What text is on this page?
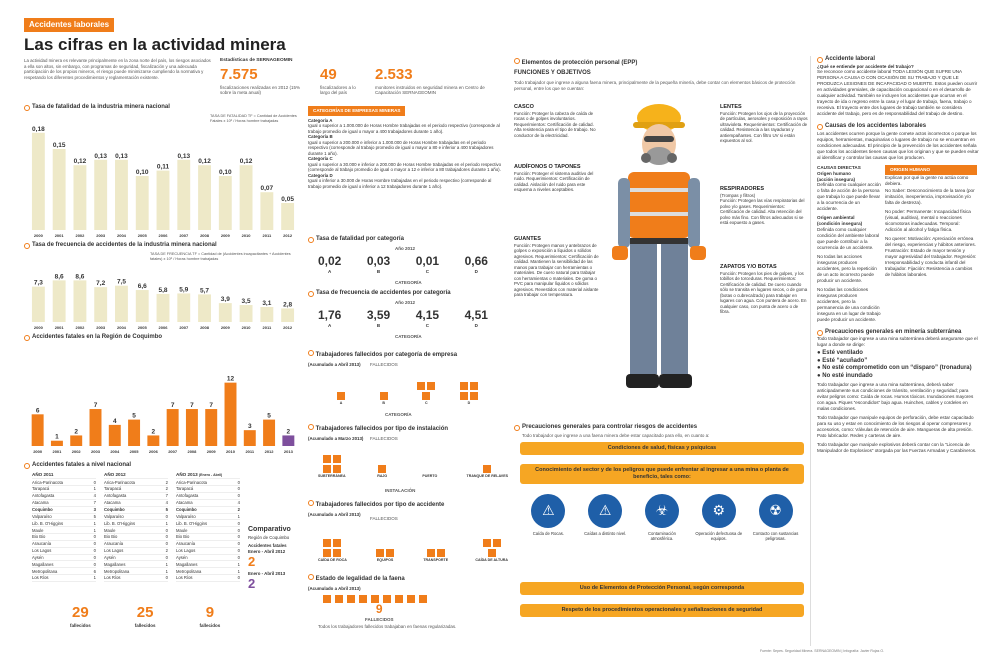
Accidentes laborales
Las cifras en la actividad minera
La actividad minera es relevante principalmente en la zona norte del país, los riesgos asociados a ella son altos, sin embargo, con programas de seguridad, fiscalización y una adecuada participación de los propios mineros, el riesgo puede minimizarse cumpliendo la normativa y respetando los diferentes procedimientos y reglamentación existente.
Estadísticas de SERNAGEOMIN
7.575
fiscalizaciones realizadas en 2012 (15% sobre la meta anual)
49
fiscalizadores a lo largo del país
2.533
monitores instruidos en seguridad minera en Centro de Capacitación SERNAGEOMIN
Tasa de fatalidad de la industria minera nacional
TASA DE FATALIDAD TF = Cantidad de Accidentes Fatales x 10⁶ / Horas hombre trabajadas
0,18
2000
0,15
2001
0,12
2002
0,13
2003
0,13
2004
0,10
2005
0,11
2006
0,13
2007
0,12
2008
0,10
2009
0,12
2010
0,07
2011
0,05
2012
Tasa de frecuencia de accidentes de la industria minera nacional
TASA DE FRECUENCIA TF = Cantidad de (Accidentes incapacitantes + Accidentes fatales) x 10⁶ / Horas hombre trabajadas
7,3
2000
8,6
2001
8,6
2002
7,2
2003
7,5
2004
6,6
2005
5,8
2006
5,9
2007
5,7
2008
3,9
2009
3,5
2010
3,1
2011
2,8
2012
Accidentes fatales en la Región de Coquimbo
6
2000
1
2001
2
2002
7
2003
4
2004
5
2005
2
2006
7
2007
7
2008
7
2009
12
2010
3
2011
5
2012
2
2013
Accidentes fatales a nivel nacional
AÑO 2011
Arica-Parinacota	0
Tarapacá	1
Antofagasta	4
Atacama	7
Coquimbo	3
Valparaíso	5
Lib. B. O'Higgins	1
Maule	1
Bio Bio	0
Araucanía	0
Los Lagos	0
Aysén	0
Magallanes	0
Metropolitana	6
Los Ríos	1
AÑO 2012
Arica-Parinacota	2
Tarapacá	2
Antofagasta	7
Atacama	4
Coquimbo	5
Valparaíso	0
Lib. B. O'Higgins	1
Maule	0
Bio Bio	0
Araucanía	0
Los Lagos	2
Aysén	0
Magallanes	1
Metropolitana	1
Los Ríos	0
AÑO 2013 (Enero - Abril)
Arica-Parinacota	0
Tarapacá	0
Antofagasta	0
Atacama	4
Coquimbo	2
Valparaíso	1
Lib. B. O'Higgins	0
Maule	0
Bio Bio	0
Araucanía	0
Los Lagos	0
Aysén	0
Magallanes	1
Metropolitana	1
Los Ríos	0
29
fallecidos
25
fallecidos
9
fallecidos
Comparativo
Región de Coquimbo
Accidentes fatales
Enero - Abril 2012
2
Enero - Abril 2013
2
CATEGORÍAS DE EMPRESAS MINERAS
Categoría A
Igual o superior a 1.000.000 de Horas Hombre trabajadas en el periodo respectivo (corresponde al trabajo promedio de igual o mayor a 400 trabajadores durante 1 año).
Categoría B
Igual o superior a 200.000 e inferior a 1.000.000 de Horas Hombre trabajadas en el periodo respectivo (corresponde al trabajo promedio de igual o mayor a 80 e inferior a 400 trabajadores durante 1 año).
Categoría C
Igual o superior a 30.000 e inferior a 200.000 de Horas Hombre trabajadas en el periodo respectivo (corresponde al trabajo promedio de igual o mayor a 12 e inferior a 80 trabajadores durante 1 año).
Categoría D
Igual o inferior a 30.000 de Horas Hombre trabajadas en el periodo respectivo (corresponde al trabajo promedio de igual o inferior a 12 trabajadores durante 1 año).
Tasa de fatalidad por categoría
Año 2012
0,02
A
0,03
B
0,01
C
0,66
D
CATEGORÍA
Tasa de frecuencia de accidentes por categoría
Año 2012
1,76
A
3,59
B
4,15
C
4,51
D
CATEGORÍA
Trabajadores fallecidos por categoría de empresa
(Acumulado a Abril 2013) FALLECIDOS
A	B	C	D
CATEGORÍA
Trabajadores fallecidos por tipo de instalación
(Acumulado a Marzo 2013) FALLECIDOS
SUBTERRÁNEA	RAJO	PUERTO	TRANQUE DE RELAVES
INSTALACIÓN
Trabajadores fallecidos por tipo de accidente
(Acumulado a Abril 2013)
FALLECIDOS
CAÍDA DE ROCA	EQUIPOS	TRANSPORTE	CAÍDA DE ALTURA
Estado de legalidad de la faena
(Acumulado a Abril 2013)
9
FALLECIDOS
Todos los trabajadores fallecidos trabajaban en faenas regularizadas.
Elementos de protección personal (EPP)
FUNCIONES Y OBJETIVOS
Todo trabajador que ingrese a alguna faena minera, principalmente de la pequeña minería, debe contar con elementos básicos de protección personal, entre los que se cuentan:
CASCO
Función: Proteger la cabeza de caída de rocas o de golpes involuntarios. Requerimientos: Certificación de calidad. Alta resistencia para el tipo de trabajo. No conductor de la electricidad.
AUDÍFONOS O TAPONES
Función: Proteger el sistema auditivo del ruido. Requerimientos: Certificación de calidad. Aislación del ruido para este esquema a niveles aceptables.
GUANTES
Función: Protegen manos y antebrazos de golpes o exposición a líquidos o sólidos agresivos. Requerimientos: Certificación de calidad. Mantienen la sensibilidad de las manos para trabajar con herramientas o materiales. De cuero natural para trabajar con herramientas o materiales. De goma o PVC para manipular líquidos o sólidos agresivos. Revestidos con material aislante para trabajar con temperatura.
LENTES
Función: Protegen los ojos de la proyección de partículas, aerosoles y exposición a rayos ultravioleta. Requerimientos: Certificación de calidad. Resistencia a las rayaduras y antiempañantes. Con filtro UV si están expuestos al sol.
RESPIRADORES
(Trompas y filtros)
Función: Protegen las vías respiratorias del polvo y/o gases. Requerimientos: Certificación de calidad. Alta retención del polvo más fino. Con filtros adecuados si se está expuesto a gases.
ZAPATOS Y/O BOTAS
Función: Protegen los pies de golpes, y los tobillos de torceduras. Requerimientos: Certificación de calidad. De cuero cuando sólo se transita en lugares secos, o de goma (botas o cubrecalzado) para trabajar en lugares con agua. Con puntera de acero. En cualquier caso, con punta de acero o de fibra.
Precauciones generales para controlar riesgos de accidentes
Todo trabajador que ingrese a una faena minera debe estar capacitado para ello, en cuanto a:
Condiciones de salud, físicas y psíquicas
Conocimiento del sector y de los peligros que puede enfrentar al ingresar a una mina o planta de beneficio, tales como:
⚠
Caída de Rocas.
⚠
Caídas a distinto nivel.
☣
Contaminación atmosférica.
⚙
Operación defectuosa de equipos.
☢
Contacto con sustancias peligrosas.
Uso de Elementos de Protección Personal, según corresponda
Respeto de los procedimientos operacionales y señalizaciones de seguridad
Fuente: Sepes. Seguridad Minera. SERNAGEOMIN | Infografía: Javier Rojas O.
Accidente laboral
¿Qué se entiende por accidente del trabajo?
Se reconoce como accidente laboral TODA LESIÓN QUE SUFRE UNA PERSONA A CAUSA O CON OCASIÓN DE SU TRABAJO Y QUE LE PRODUZCA LESIONES DE INCAPACIDAD O MUERTE. Estos pueden ocurrir en actividades gremiales, de capacitación ocupacional o en el desarrollo de cualquier actividad. También se incluyen los accidentes que ocurran en el trayecto de ida o regreso entre la casa y el lugar de trabajo, faena, trabajo o recesiva. El trayecto entre dos lugares de trabajo también se considera accidente del trabajo, pero es de responsabilidad del trabajo de destino.
Causas de los accidentes laborales
Los accidentes ocurren porque la gente comete actos incorrectos o porque los equipos, herramientas, maquinarias o lugares de trabajo no se encuentran en condiciones adecuadas. El principio de la prevención de los accidentes señala que todos los accidentes tienen causas que los originan y que se pueden evitar al identificar y controlar las causas que los producen.
CAUSAS DIRECTAS
Origen humano
(acción insegura)
Definida como cualquier acción o falta de acción de la persona que trabaja lo que puede llevar a la ocurrencia de un accidente.
Origen ambiental
(condición insegura)
Definida como cualquier condición del ambiente laboral que puede contribuir a la ocurrencia de un accidente.
No todas las acciones inseguras producen accidentes, pero la repetición de un acto incorrecto puede producir un accidente.
No todas las condiciones inseguras producen accidentes, pero la permanencia de una condición insegura en un lugar de trabajo puede producir un accidente.
ORIGEN HUMANO
Explican por qué la gente no actúa como debiera.
No Saber: Desconocimiento de la tarea (por imitación, inexperiencia, improvisación y/o falta de destreza).
No poder: Permanente: Incapacidad física (visual, auditiva), mental o reacciones sicomotoras inadecuadas. Temporal: Adicción al alcohol y fatiga física.
No querer: Motivación: Apreciación errónea del riesgo, experiencias y hábitos anteriores. Frustración: Estado de mayor tensión y mayor agresividad del trabajador. Regresión: Irresponsabilidad y conducta infantil del trabajador. Fijación: Resistencia a cambios de hábitos laborales.
Precauciones generales en minería subterránea
Todo trabajador que ingrese a una mina subterránea deberá asegurarse que el lugar a donde se dirige:
● Esté ventilado
● Esté “acuñado”
● No esté comprometido con un “disparo” (tronadura)
● No esté inundado
Todo trabajador que ingrese a una mina subterránea, deberá saber anticipadamente sus condiciones de tránsito, ventilación y seguridad; para evitar peligros como: Caída de rocas. Humos tóxicos. Inundaciones mayores con agua. Piques “escondidos” bajo agua. Huinches, cables y cordeles en malas condiciones.
Todo trabajador que manipule equipos de perforación, debe estar capacitado para su uso y estar en conocimiento de los riesgos al operar compresores y accesorios, como: Válvulas de retención de aire. Mangueras de alta presión. Pato lubricador. Redes y carteras de aire.
Todo trabajador que manipule explosivos deberá contar con la “Licencia de Manipulador de Explosivos” otorgada por las Fuerzas Armadas y Carabineros.
